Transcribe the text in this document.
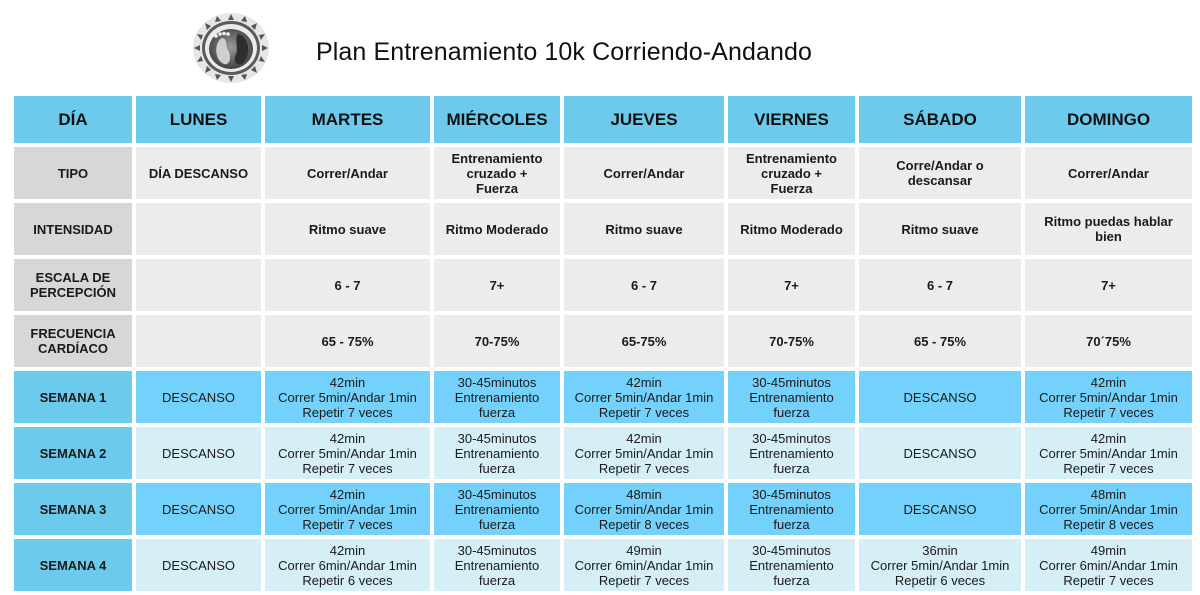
Plan Entrenamiento 10k Corriendo-Andando
DÍA	LUNES	MARTES	MIÉRCOLES	JUEVES	VIERNES	SÁBADO	DOMINGO

TIPO	DÍA DESCANSO	Correr/Andar	Entrenamiento
cruzado +
Fuerza	Correr/Andar	Entrenamiento
cruzado +
Fuerza	Corre/Andar o
descansar	Correr/Andar

INTENSIDAD		Ritmo suave	Ritmo Moderado	Ritmo suave	Ritmo Moderado	Ritmo suave	Ritmo puedas hablar
bien

ESCALA DE
PERCEPCIÓN		6 - 7	7+	6 - 7	7+	6 - 7	7+

FRECUENCIA
CARDÍACO		65 - 75%	70-75%	65-75%	70-75%	65 - 75%	70´75%

SEMANA 1	DESCANSO	42min
Correr 5min/Andar 1min
Repetir 7 veces	30-45minutos
Entrenamiento
fuerza	42min
Correr 5min/Andar 1min
Repetir 7 veces	30-45minutos
Entrenamiento
fuerza	DESCANSO	42min
Correr 5min/Andar 1min
Repetir 7 veces

SEMANA 2	DESCANSO	42min
Correr 5min/Andar 1min
Repetir 7 veces	30-45minutos
Entrenamiento
fuerza	42min
Correr 5min/Andar 1min
Repetir 7 veces	30-45minutos
Entrenamiento
fuerza	DESCANSO	42min
Correr 5min/Andar 1min
Repetir 7 veces

SEMANA 3	DESCANSO	42min
Correr 5min/Andar 1min
Repetir 7 veces	30-45minutos
Entrenamiento
fuerza	48min
Correr 5min/Andar 1min
Repetir 8 veces	30-45minutos
Entrenamiento
fuerza	DESCANSO	48min
Correr 5min/Andar 1min
Repetir 8 veces

SEMANA 4	DESCANSO	42min
Correr 6min/Andar 1min
Repetir 6 veces	30-45minutos
Entrenamiento
fuerza	49min
Correr 6min/Andar 1min
Repetir 7 veces	30-45minutos
Entrenamiento
fuerza	36min
Correr 5min/Andar 1min
Repetir 6 veces	49min
Correr 6min/Andar 1min
Repetir 7 veces
